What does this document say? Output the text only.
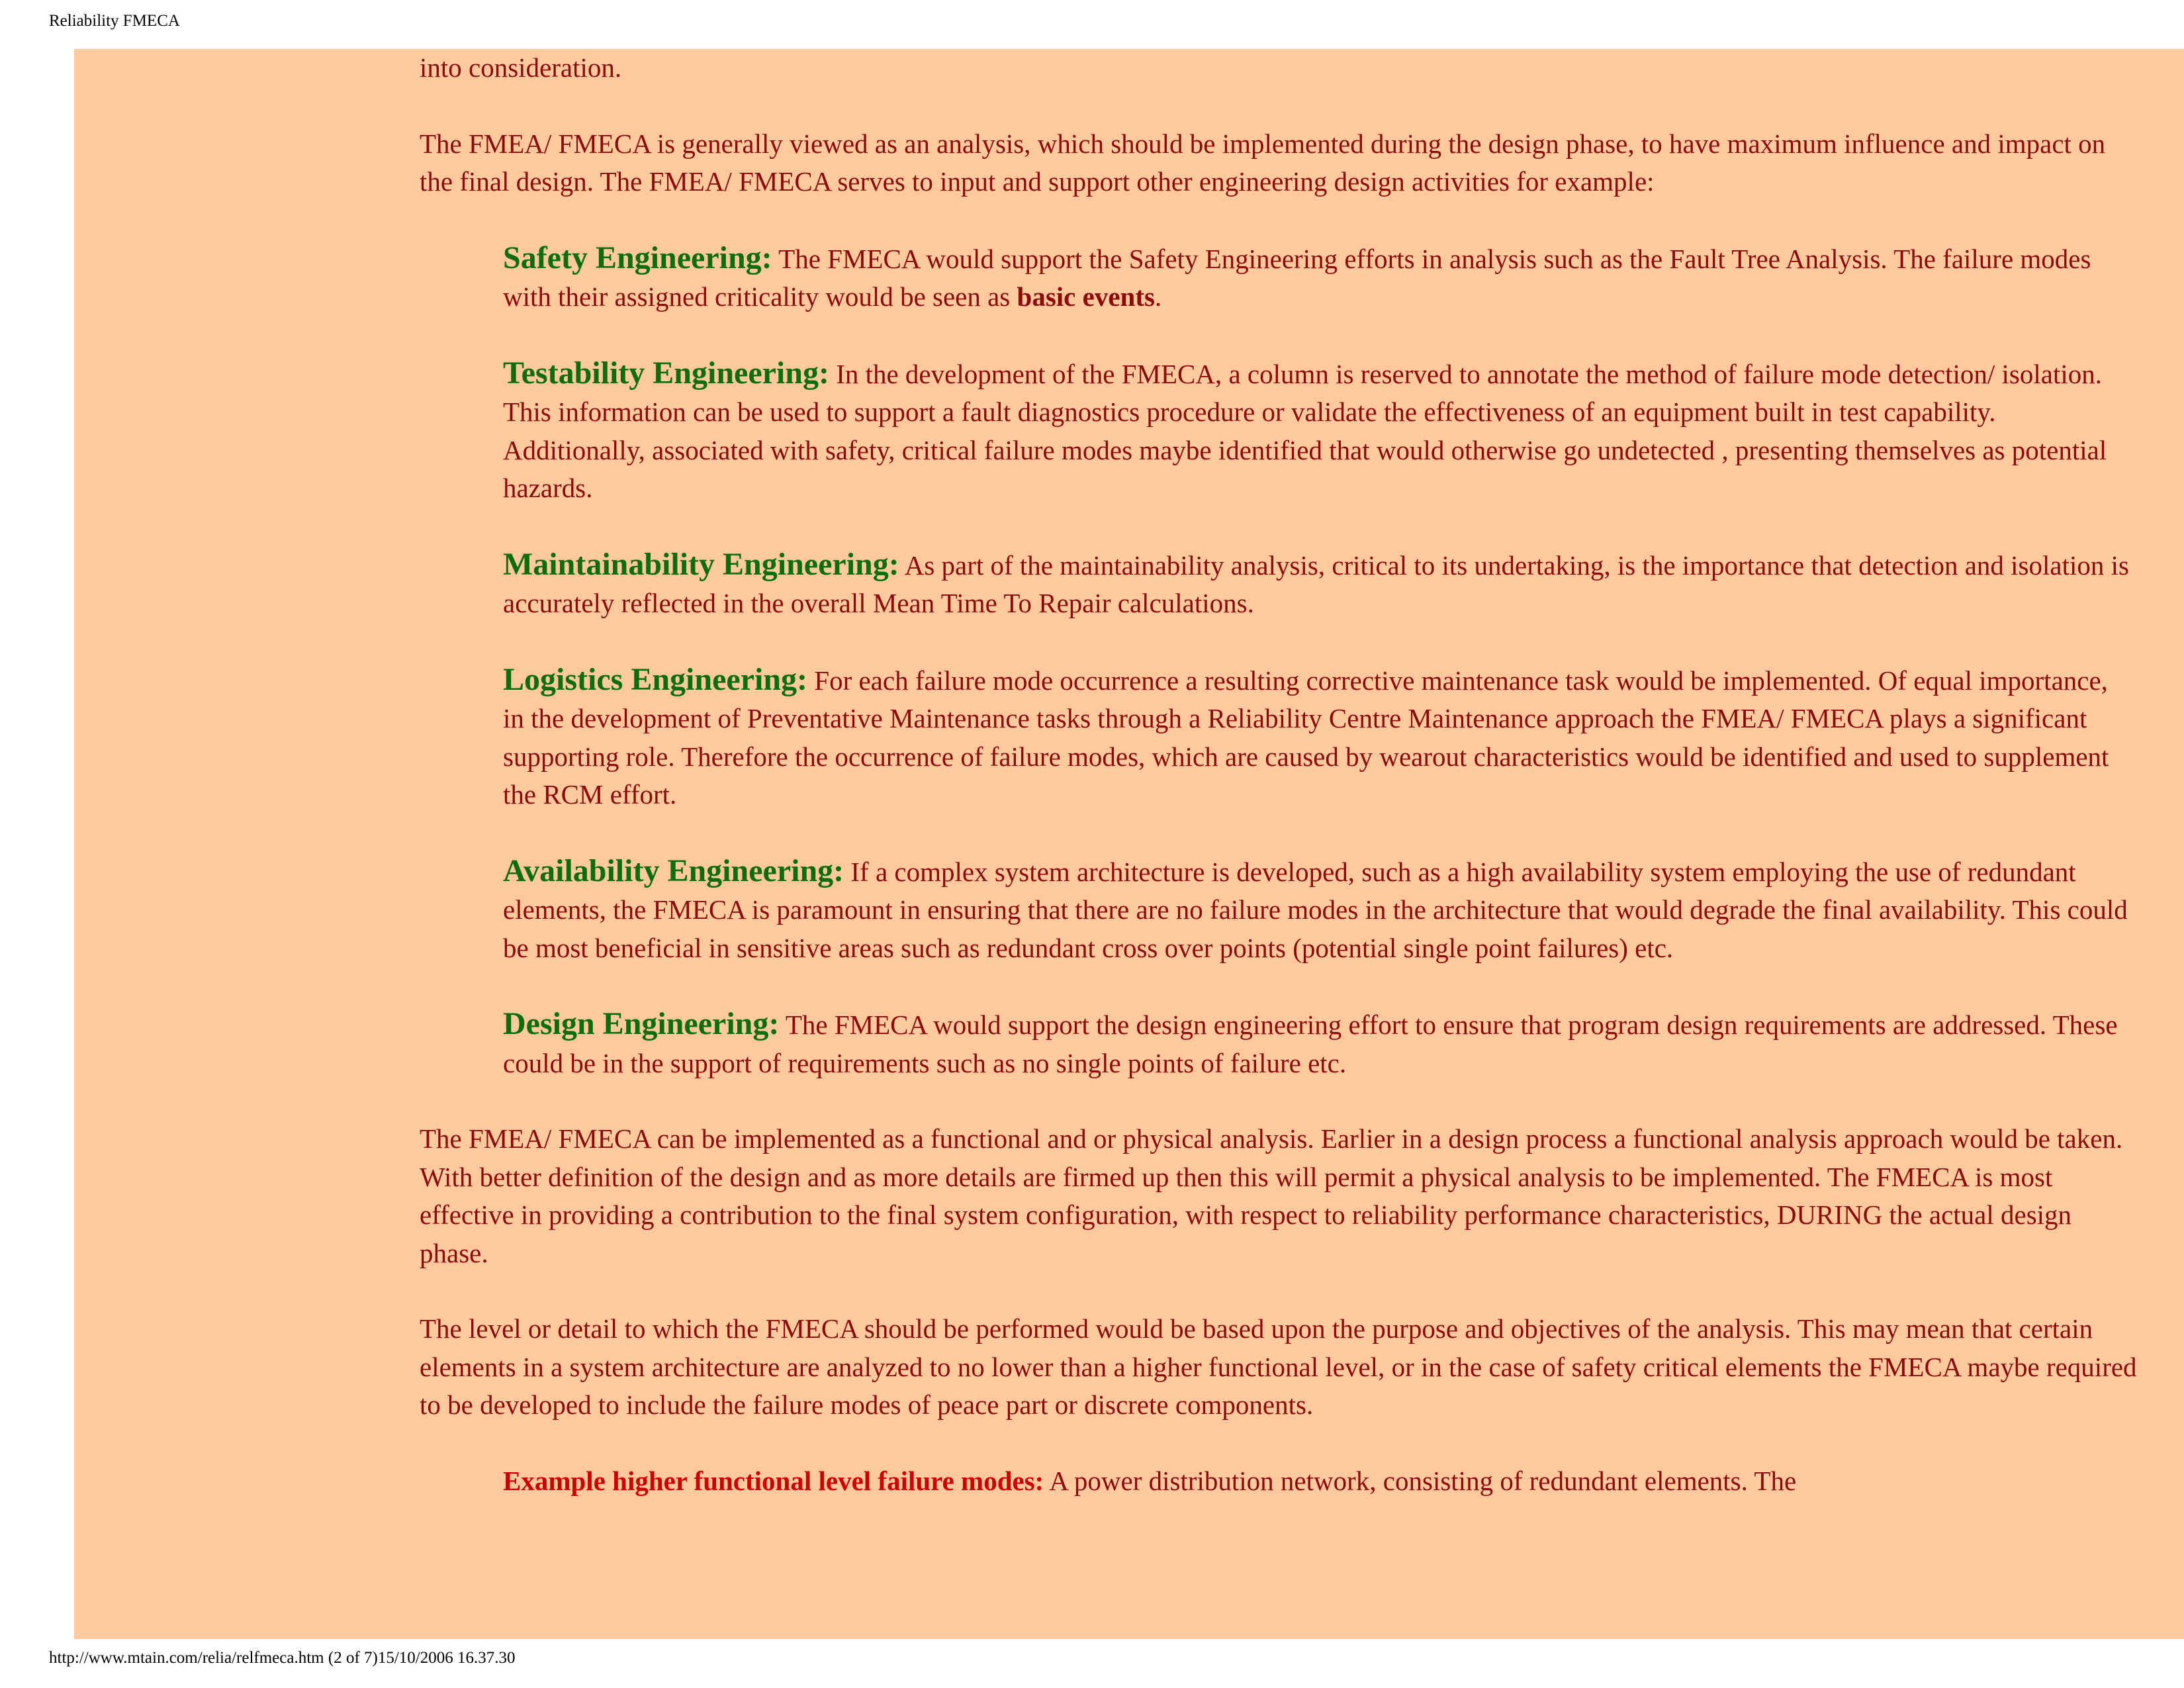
Reliability FMECA

into consideration.

The FMEA/ FMECA is generally viewed as an analysis, which should be implemented during the design phase, to have maximum influence and impact on the final design. The FMEA/ FMECA serves to input and support other engineering design activities for example:

Safety Engineering: The FMECA would support the Safety Engineering efforts in analysis such as the Fault Tree Analysis. The failure modes with their assigned criticality would be seen as basic events.

Testability Engineering: In the development of the FMECA, a column is reserved to annotate the method of failure mode detection/ isolation. This information can be used to support a fault diagnostics procedure or validate the effectiveness of an equipment built in test capability. Additionally, associated with safety, critical failure modes maybe identified that would otherwise go undetected , presenting themselves as potential hazards.

Maintainability Engineering: As part of the maintainability analysis, critical to its undertaking, is the importance that detection and isolation is accurately reflected in the overall Mean Time To Repair calculations.

Logistics Engineering: For each failure mode occurrence a resulting corrective maintenance task would be implemented. Of equal importance, in the development of Preventative Maintenance tasks through a Reliability Centre Maintenance approach the FMEA/ FMECA plays a significant supporting role. Therefore the occurrence of failure modes, which are caused by wearout characteristics would be identified and used to supplement the RCM effort.

Availability Engineering: If a complex system architecture is developed, such as a high availability system employing the use of redundant elements, the FMECA is paramount in ensuring that there are no failure modes in the architecture that would degrade the final availability. This could be most beneficial in sensitive areas such as redundant cross over points (potential single point failures) etc.

Design Engineering: The FMECA would support the design engineering effort to ensure that program design requirements are addressed. These could be in the support of requirements such as no single points of failure etc.

The FMEA/ FMECA can be implemented as a functional and or physical analysis. Earlier in a design process a functional analysis approach would be taken. With better definition of the design and as more details are firmed up then this will permit a physical analysis to be implemented. The FMECA is most effective in providing a contribution to the final system configuration, with respect to reliability performance characteristics, DURING the actual design phase.

The level or detail to which the FMECA should be performed would be based upon the purpose and objectives of the analysis. This may mean that certain elements in a system architecture are analyzed to no lower than a higher functional level, or in the case of safety critical elements the FMECA maybe required to be developed to include the failure modes of peace part or discrete components.

Example higher functional level failure modes: A power distribution network, consisting of redundant elements. The

http://www.mtain.com/relia/relfmeca.htm (2 of 7)15/10/2006 16.37.30
